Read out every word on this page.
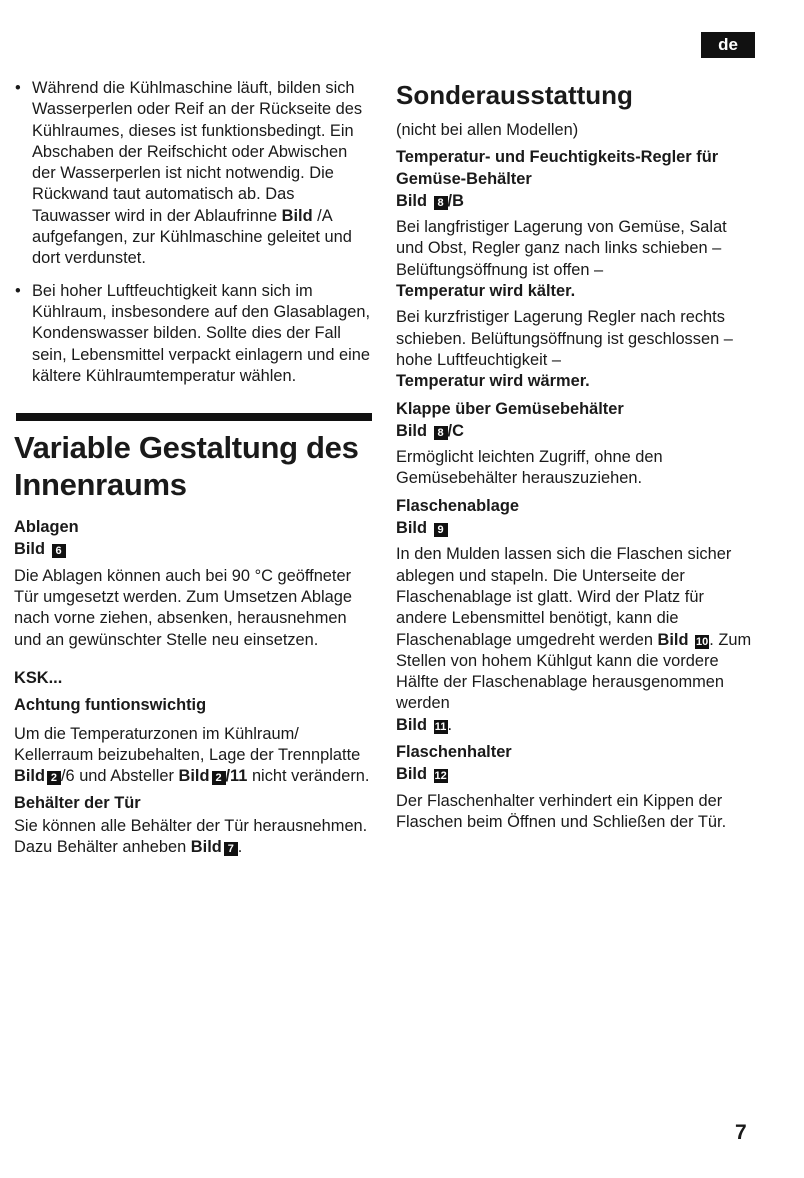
de
• Während die Kühlmaschine läuft, bilden sich Wasserperlen oder Reif an der Rückseite des Kühlraumes, dieses ist funktionsbedingt. Ein Abschaben der Reifschicht oder Abwischen der Wasserperlen ist nicht notwendig. Die Rückwand taut automatisch ab. Das Tauwasser wird in der Ablaufrinne Bild /A aufgefangen, zur Kühlmaschine geleitet und dort verdunstet.
• Bei hoher Luftfeuchtigkeit kann sich im Kühlraum, insbesondere auf den Glasablagen, Kondenswasser bilden. Sollte dies der Fall sein, Lebensmittel verpackt einlagern und eine kältere Kühlraumtemperatur wählen.
Variable Gestaltung des Innenraums
Ablagen
Bild 6

Die Ablagen können auch bei 90 °C geöffneter Tür umgesetzt werden. Zum Umsetzen Ablage nach vorne ziehen, absenken, herausnehmen und an gewünschter Stelle neu einsetzen.

KSK...
Achtung funtionswichtig

Um die Temperaturzonen im Kühlraum/ Kellerraum beizubehalten, Lage der Trennplatte Bild 2 /6 und Absteller Bild 2 /11 nicht verändern.

Behälter der Tür

Sie können alle Behälter der Tür herausnehmen. Dazu Behälter anheben Bild 7 .

Sonderausstattung

(nicht bei allen Modellen)

Temperatur- und Feuchtigkeits-Regler für Gemüse-Behälter
Bild 8 /B

Bei langfristiger Lagerung von Gemüse, Salat und Obst, Regler ganz nach links schieben – Belüftungsöffnung ist offen –
Temperatur wird kälter.

Bei kurzfristiger Lagerung Regler nach rechts schieben. Belüftungsöffnung ist geschlossen – hohe Luftfeuchtigkeit –
Temperatur wird wärmer.

Klappe über Gemüsebehälter
Bild 8 /C

Ermöglicht leichten Zugriff, ohne den Gemüsebehälter herauszuziehen.

Flaschenablage
Bild 9

In den Mulden lassen sich die Flaschen sicher ablegen und stapeln. Die Unterseite der Flaschenablage ist glatt. Wird der Platz für andere Lebensmittel benötigt, kann die Flaschenablage umgedreht werden Bild 10. Zum Stellen von hohem Kühlgut kann die vordere Hälfte der Flaschenablage herausgenommen werden
Bild 11.

Flaschenhalter
Bild 12

Der Flaschenhalter verhindert ein Kippen der Flaschen beim Öffnen und Schließen der Tür.

7
